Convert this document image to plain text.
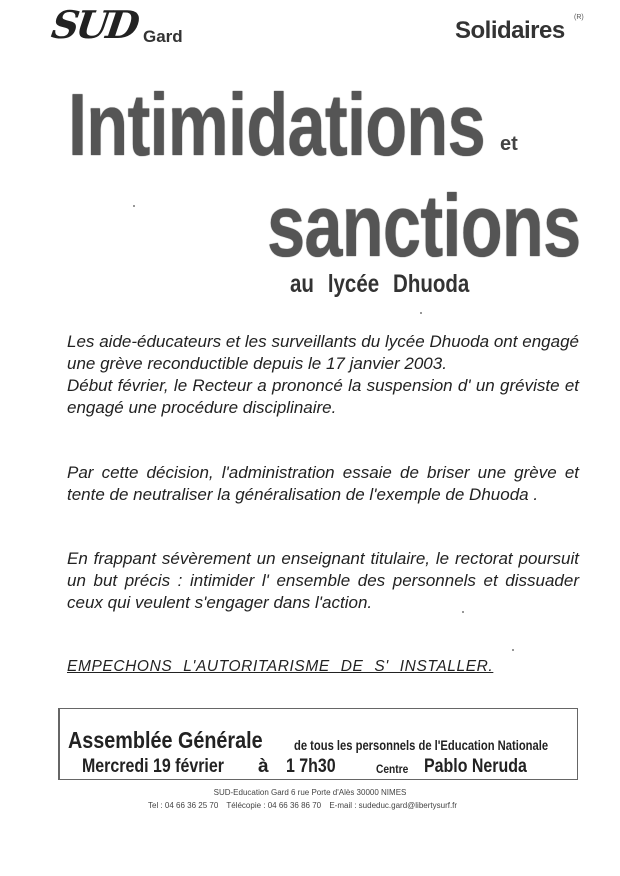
SUD Gard	Solidaires (R)
Intimidations et
sanctions
au lycée Dhuoda
Les aide-éducateurs et les surveillants du lycée Dhuoda ont engagé une grève reconductible depuis le 17 janvier 2003.
Début février, le Recteur a prononcé la suspension d' un gréviste et engagé une procédure disciplinaire.

Par cette décision, l'administration essaie de briser une grève et tente de neutraliser la généralisation de l'exemple de Dhuoda .

En frappant sévèrement un enseignant titulaire, le rectorat poursuit un but précis : intimider l' ensemble des personnels et dissuader ceux qui veulent s'engager dans l'action.

EMPECHONS L'AUTORITARISME DE S' INSTALLER.
Assemblée Générale de tous les personnels de l'Education Nationale
Mercredi 19 février à 1 7h30	Centre Pablo Neruda
SUD-Education Gard 6 rue Porte d'Alès 30000 NIMES
Tel : 04 66 36 25 70 Télécopie : 04 66 36 86 70 E-mail : sudeduc.gard@libertysurf.fr
